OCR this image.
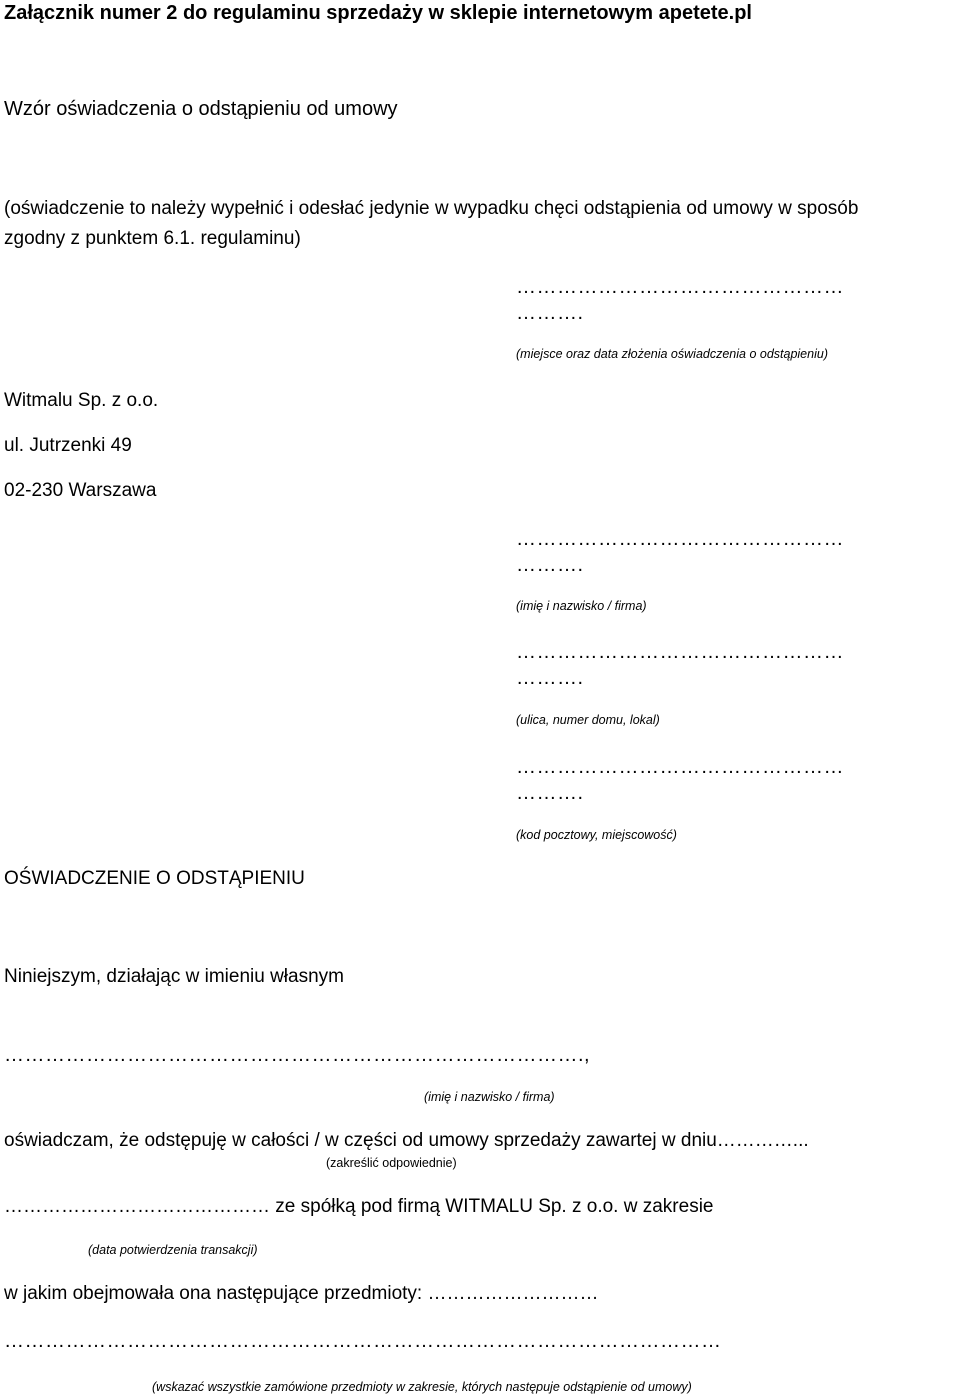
Załącznik numer 2 do regulaminu sprzedaży w sklepie internetowym apetete.pl
Wzór oświadczenia o odstąpieniu od umowy
(oświadczenie to należy wypełnić i odesłać jedynie w wypadku chęci odstąpienia od umowy w sposób
zgodny z punktem 6.1. regulaminu)
…………………………………………
……….
(miejsce oraz data złożenia oświadczenia o odstąpieniu)
Witmalu Sp. z o.o.
ul. Jutrzenki 49
02-230 Warszawa
…………………………………………
……….
(imię i nazwisko / firma)
…………………………………………
……….
(ulica, numer domu, lokal)
…………………………………………
……….
(kod pocztowy, miejscowość)
OŚWIADCZENIE O ODSTĄPIENIU
Niniejszym, działając w imieniu własnym
………………………………………………………………………….,
(imię i nazwisko / firma)
oświadczam, że odstępuję w całości / w części od umowy sprzedaży zawartej w dniu…………...
(zakreślić odpowiednie)
…………………………………… ze spółką pod firmą WITMALU Sp. z o.o. w zakresie
(data potwierdzenia transakcji)
w jakim obejmowała ona następujące przedmioty: ………………………
……………………………………………………………………………………………
(wskazać wszystkie zamówione przedmioty w zakresie, których następuje odstąpienie od umowy)
